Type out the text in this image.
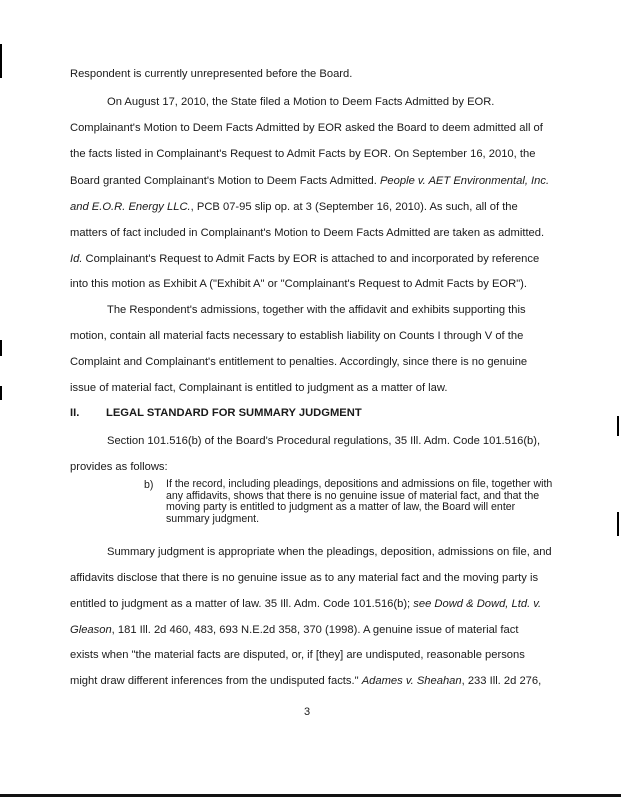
Respondent is currently unrepresented before the Board.
On August 17, 2010, the State filed a Motion to Deem Facts Admitted by EOR.
Complainant's Motion to Deem Facts Admitted by EOR asked the Board to deem admitted all of
the facts listed in Complainant's Request to Admit Facts by EOR. On September 16, 2010, the
Board granted Complainant's Motion to Deem Facts Admitted. People v. AET Environmental, Inc.
and E.O.R. Energy LLC., PCB 07-95 slip op. at 3 (September 16, 2010). As such, all of the
matters of fact included in Complainant's Motion to Deem Facts Admitted are taken as admitted.
Id. Complainant's Request to Admit Facts by EOR is attached to and incorporated by reference
into this motion as Exhibit A ("Exhibit A" or "Complainant's Request to Admit Facts by EOR").
The Respondent's admissions, together with the affidavit and exhibits supporting this
motion, contain all material facts necessary to establish liability on Counts I through V of the
Complaint and Complainant's entitlement to penalties. Accordingly, since there is no genuine
issue of material fact, Complainant is entitled to judgment as a matter of law.
II. LEGAL STANDARD FOR SUMMARY JUDGMENT
Section 101.516(b) of the Board's Procedural regulations, 35 Ill. Adm. Code 101.516(b),
provides as follows:
b) If the record, including pleadings, depositions and admissions on file, together with any affidavits, shows that there is no genuine issue of material fact, and that the moving party is entitled to judgment as a matter of law, the Board will enter summary judgment.
Summary judgment is appropriate when the pleadings, deposition, admissions on file, and
affidavits disclose that there is no genuine issue as to any material fact and the moving party is
entitled to judgment as a matter of law. 35 Ill. Adm. Code 101.516(b); see Dowd & Dowd, Ltd. v.
Gleason, 181 Ill. 2d 460, 483, 693 N.E.2d 358, 370 (1998). A genuine issue of material fact
exists when "the material facts are disputed, or, if [they] are undisputed, reasonable persons
might draw different inferences from the undisputed facts." Adames v. Sheahan, 233 Ill. 2d 276,
3
